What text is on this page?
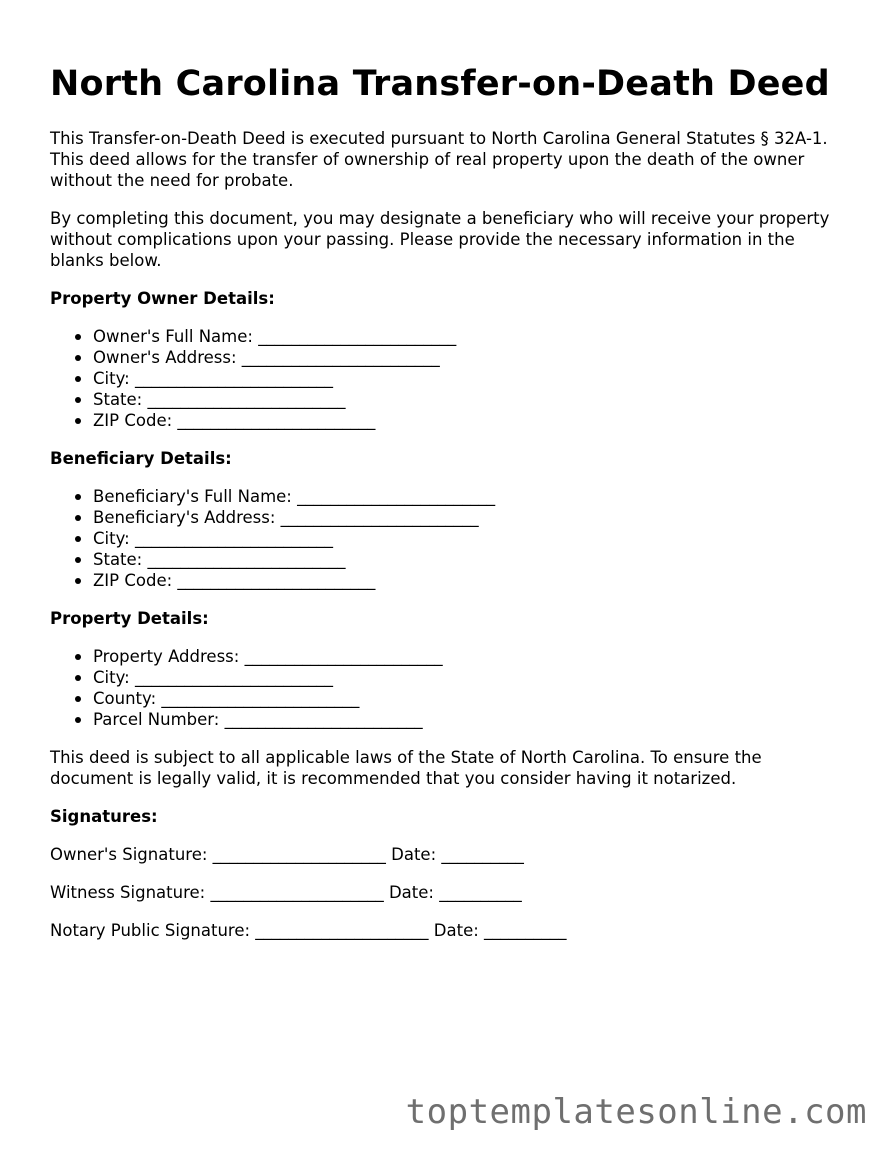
North Carolina Transfer-on-Death Deed

This Transfer-on-Death Deed is executed pursuant to North Carolina General Statutes § 32A-1. This deed allows for the transfer of ownership of real property upon the death of the owner without the need for probate.

By completing this document, you may designate a beneficiary who will receive your property without complications upon your passing. Please provide the necessary information in the blanks below.

Property Owner Details:
Owner's Full Name: ________________________
Owner's Address: ________________________
City: ________________________
State: ________________________
ZIP Code: ________________________
Beneficiary Details:
Beneficiary's Full Name: ________________________
Beneficiary's Address: ________________________
City: ________________________
State: ________________________
ZIP Code: ________________________
Property Details:
Property Address: ________________________
City: ________________________
County: ________________________
Parcel Number: ________________________

This deed is subject to all applicable laws of the State of North Carolina. To ensure the document is legally valid, it is recommended that you consider having it notarized.

Signatures:
Owner's Signature: _____________________ Date: __________
Witness Signature: _____________________ Date: __________
Notary Public Signature: _____________________ Date: __________
toptemplatesonline.com
